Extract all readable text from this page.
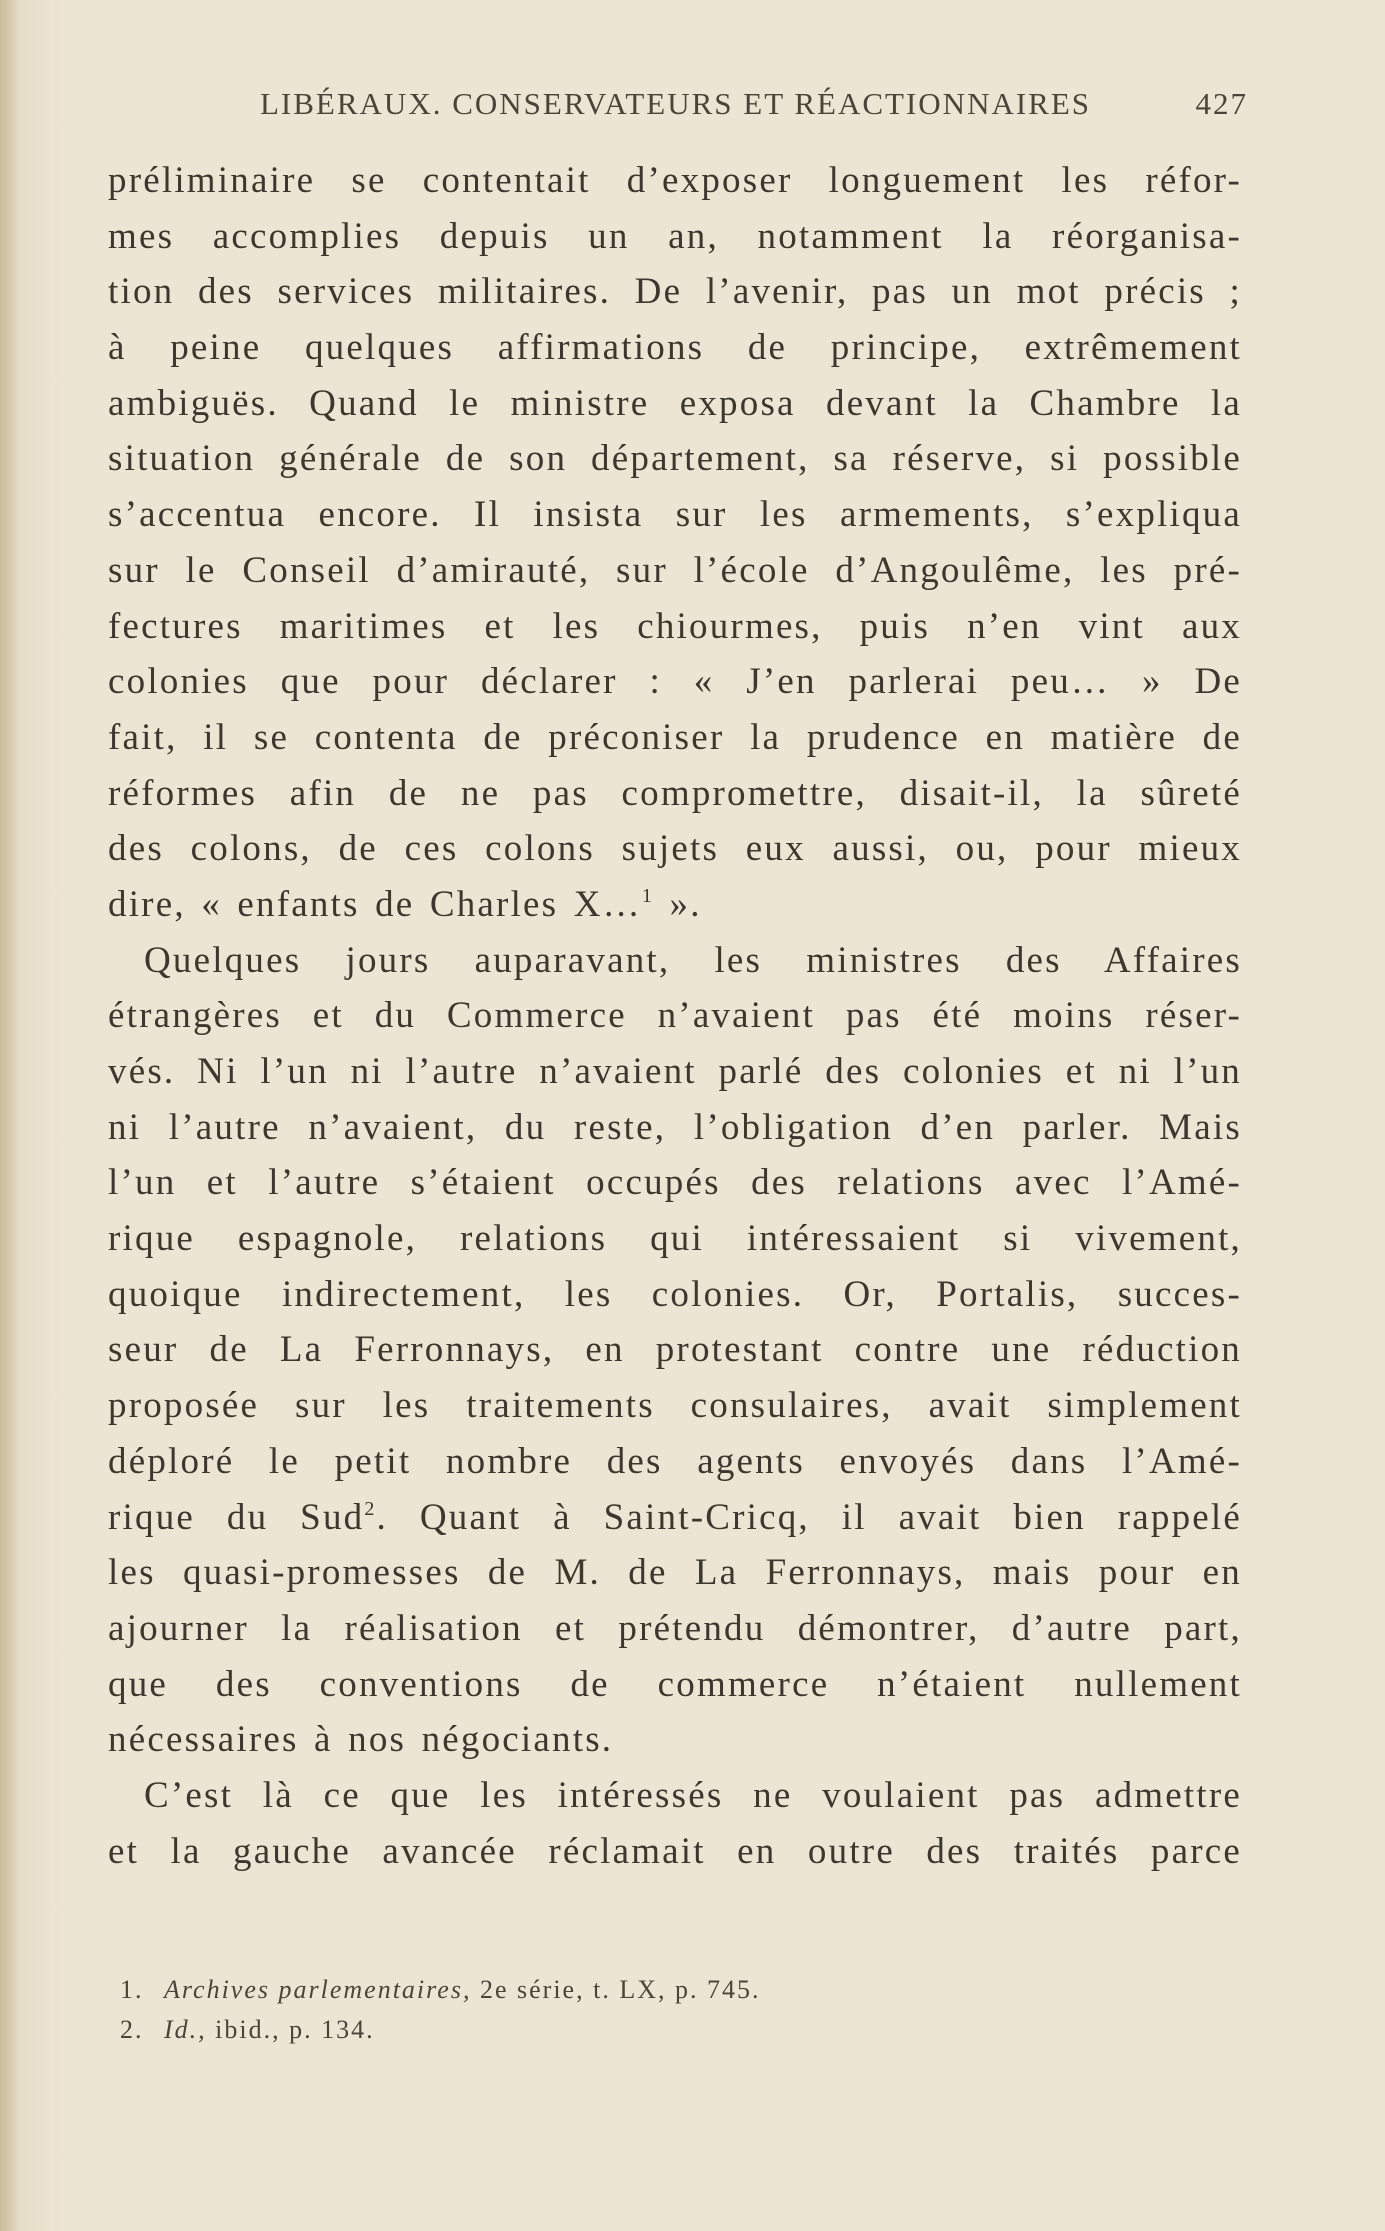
LIBÉRAUX. CONSERVATEURS ET RÉACTIONNAIRES	427
préliminaire se contentait d’exposer longuement les réfor-
mes accomplies depuis un an, notamment la réorganisa-
tion des services militaires. De l’avenir, pas un mot précis ;
à peine quelques affirmations de principe, extrêmement
ambiguës. Quand le ministre exposa devant la Chambre la
situation générale de son département, sa réserve, si possible
s’accentua encore. Il insista sur les armements, s’expliqua
sur le Conseil d’amirauté, sur l’école d’Angoulême, les pré-
fectures maritimes et les chiourmes, puis n’en vint aux
colonies que pour déclarer : « J’en parlerai peu… » De
fait, il se contenta de préconiser la prudence en matière de
réformes afin de ne pas compromettre, disait-il, la sûreté
des colons, de ces colons sujets eux aussi, ou, pour mieux
dire, « enfants de Charles X…$^1$ ».
Quelques jours auparavant, les ministres des Affaires
étrangères et du Commerce n’avaient pas été moins réser-
vés. Ni l’un ni l’autre n’avaient parlé des colonies et ni l’un
ni l’autre n’avaient, du reste, l’obligation d’en parler. Mais
l’un et l’autre s’étaient occupés des relations avec l’Amé-
rique espagnole, relations qui intéressaient si vivement,
quoique indirectement, les colonies. Or, Portalis, succes-
seur de La Ferronnays, en protestant contre une réduction
proposée sur les traitements consulaires, avait simplement
déploré le petit nombre des agents envoyés dans l’Amé-
rique du Sud$^2$. Quant à Saint-Cricq, il avait bien rappelé
les quasi-promesses de M. de La Ferronnays, mais pour en
ajourner la réalisation et prétendu démontrer, d’autre part,
que des conventions de commerce n’étaient nullement
nécessaires à nos négociants.
C’est là ce que les intéressés ne voulaient pas admettre
et la gauche avancée réclamait en outre des traités parce
1. Archives parlementaires, 2e série, t. LX, p. 745.
2. Id., ibid., p. 134.
